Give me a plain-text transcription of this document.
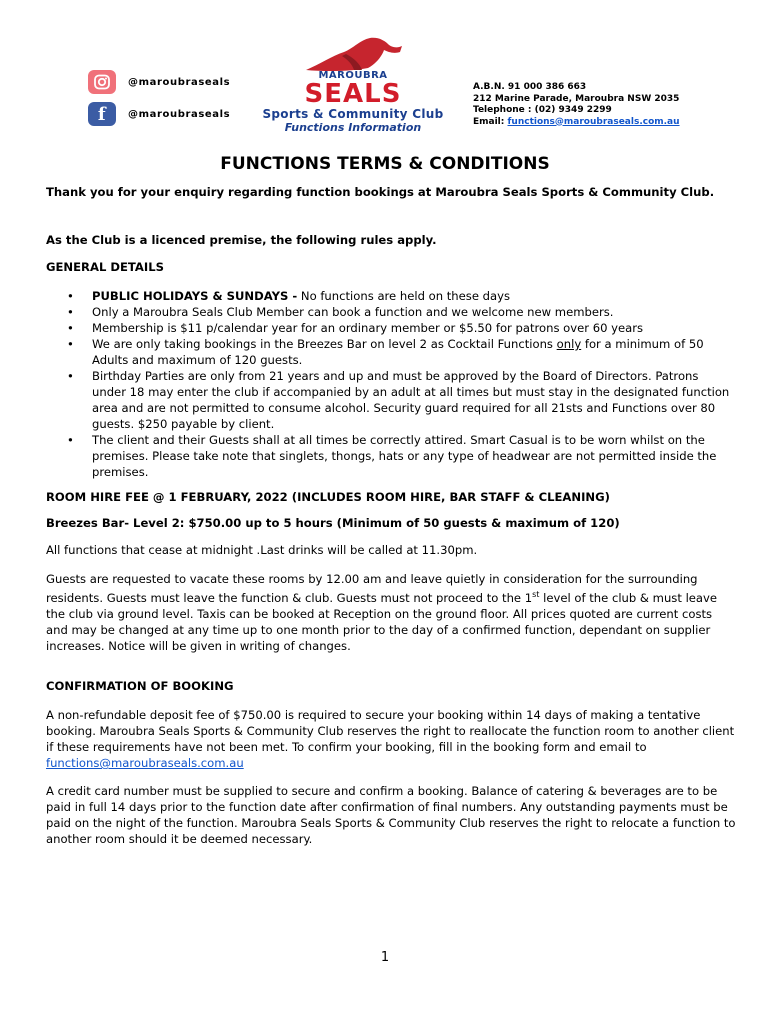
@maroubraseals
f	@maroubraseals
MAROUBRA
SEALS
Sports & Community Club
Functions Information
A.B.N. 91 000 386 663
212 Marine Parade, Maroubra NSW 2035
Telephone : (02) 9349 2299
Email: functions@maroubraseals.com.au
FUNCTIONS TERMS & CONDITIONS
Thank you for your enquiry regarding function bookings at Maroubra Seals Sports & Community Club.
As the Club is a licenced premise, the following rules apply.
GENERAL DETAILS
• PUBLIC HOLIDAYS & SUNDAYS - No functions are held on these days
• Only a Maroubra Seals Club Member can book a function and we welcome new members.
• Membership is $11 p/calendar year for an ordinary member or $5.50 for patrons over 60 years
• We are only taking bookings in the Breezes Bar on level 2 as Cocktail Functions only for a minimum of 50 Adults and maximum of 120 guests.
• Birthday Parties are only from 21 years and up and must be approved by the Board of Directors. Patrons under 18 may enter the club if accompanied by an adult at all times but must stay in the designated function area and are not permitted to consume alcohol. Security guard required for all 21sts and Functions over 80 guests. $250 payable by client.
• The client and their Guests shall at all times be correctly attired. Smart Casual is to be worn whilst on the premises. Please take note that singlets, thongs, hats or any type of headwear are not permitted inside the premises.
ROOM HIRE FEE @ 1 FEBRUARY, 2022 (INCLUDES ROOM HIRE, BAR STAFF & CLEANING)
Breezes Bar- Level 2: $750.00 up to 5 hours (Minimum of 50 guests & maximum of 120)
All functions that cease at midnight .Last drinks will be called at 11.30pm.
Guests are requested to vacate these rooms by 12.00 am and leave quietly in consideration for the surrounding residents. Guests must leave the function & club. Guests must not proceed to the 1st level of the club & must leave the club via ground level. Taxis can be booked at Reception on the ground floor. All prices quoted are current costs and may be changed at any time up to one month prior to the day of a confirmed function, dependant on supplier increases. Notice will be given in writing of changes.
CONFIRMATION OF BOOKING
A non-refundable deposit fee of $750.00 is required to secure your booking within 14 days of making a tentative booking. Maroubra Seals Sports & Community Club reserves the right to reallocate the function room to another client if these requirements have not been met. To confirm your booking, fill in the booking form and email to functions@maroubraseals.com.au
A credit card number must be supplied to secure and confirm a booking. Balance of catering & beverages are to be paid in full 14 days prior to the function date after confirmation of final numbers. Any outstanding payments must be paid on the night of the function. Maroubra Seals Sports & Community Club reserves the right to relocate a function to another room should it be deemed necessary.
1
